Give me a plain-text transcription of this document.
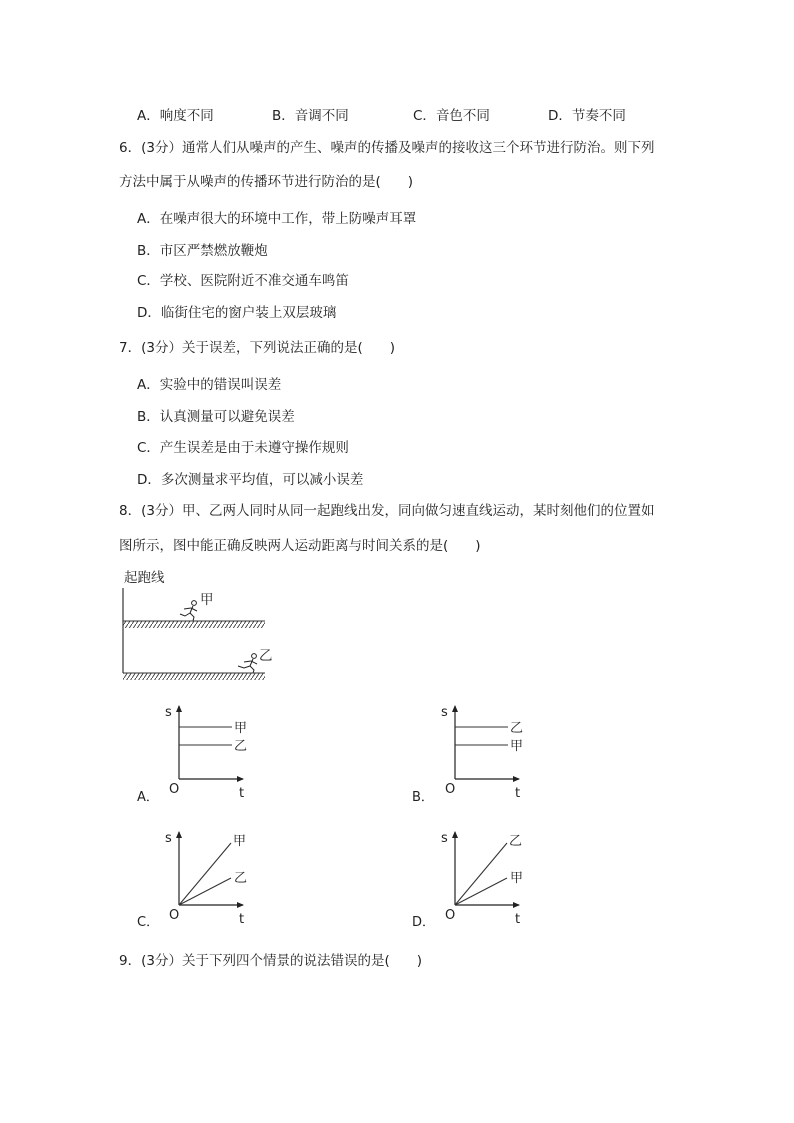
A．响度不同	B．音调不同	C．音色不同	D．节奏不同
6．(3分）通常人们从噪声的产生、噪声的传播及噪声的接收这三个环节进行防治。则下列
方法中属于从噪声的传播环节进行防治的是(　　)
A．在噪声很大的环境中工作，带上防噪声耳罩
B．市区严禁燃放鞭炮
C．学校、医院附近不准交通车鸣笛
D．临街住宅的窗户装上双层玻璃
7．(3分）关于误差，下列说法正确的是(　　)
A．实验中的错误叫误差
B．认真测量可以避免误差
C．产生误差是由于未遵守操作规则
D．多次测量求平均值，可以减小误差
8．(3分）甲、乙两人同时从同一起跑线出发，同向做匀速直线运动，某时刻他们的位置如
图所示，图中能正确反映两人运动距离与时间关系的是(　　)
起跑线
甲
乙
s
t
O
A．
甲
乙
s
t
O
B．
乙
甲
s
t
O
C．
甲
乙
s
t
O
D．
乙
甲
9．(3分）关于下列四个情景的说法错误的是(　　)
